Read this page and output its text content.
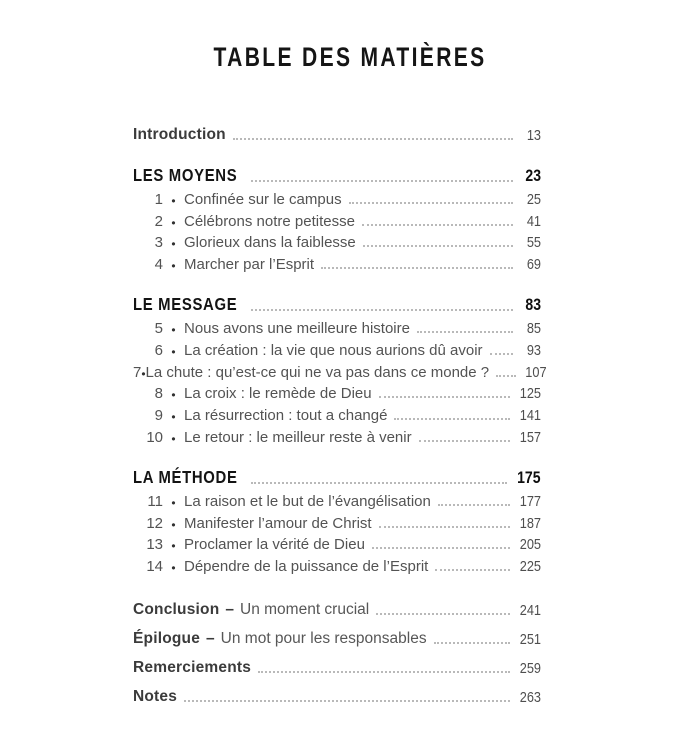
TABLE DES MATIÈRES
Introduction	13
LES MOYENS	23
1 • Confinée sur le campus	25
2 • Célébrons notre petitesse	41
3 • Glorieux dans la faiblesse	55
4 • Marcher par l’Esprit	69
LE MESSAGE	83
5 • Nous avons une meilleure histoire	85
6 • La création : la vie que nous aurions dû avoir	93
7 • La chute : qu’est-ce qui ne va pas dans ce monde ? 107
8 • La croix : le remède de Dieu	125
9 • La résurrection : tout a changé	141
10 • Le retour : le meilleur reste à venir	157
LA MÉTHODE	175
11 • La raison et le but de l’évangélisation	177
12 • Manifester l’amour de Christ	187
13 • Proclamer la vérité de Dieu	205
14 • Dépendre de la puissance de l’Esprit	225
Conclusion – Un moment crucial	241
Épilogue – Un mot pour les responsables	251
Remerciements	259
Notes	263
